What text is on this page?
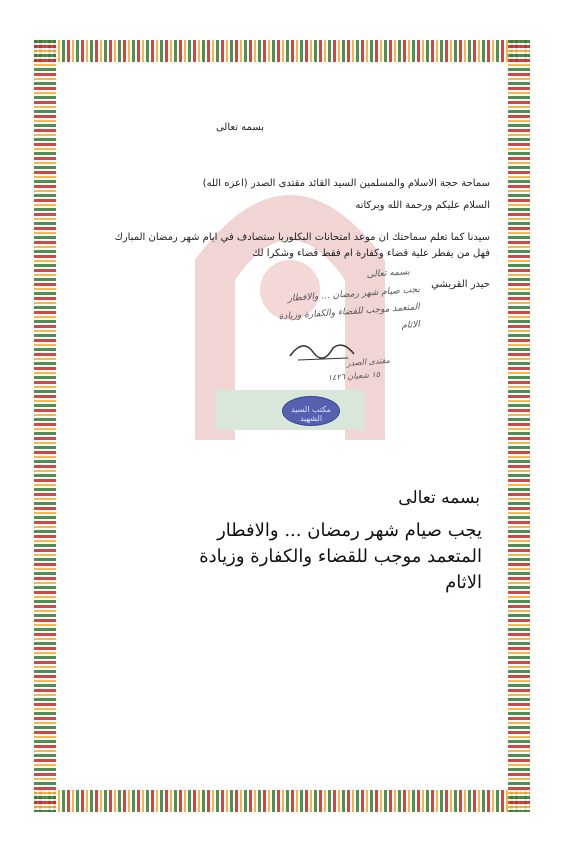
بسمه تعالى
سماحة حجة الاسلام والمسلمين السيد القائد مقتدى الصدر (اعزه الله)
السلام عليكم ورحمة الله وبركاته
سيدنا كما تعلم سماحتك ان موعد امتحانات البكلوريا ستصادف في ايام شهر رمضان المبارك فهل من يفطر علية قضاء وكفارة ام فقط قضاء وشكرا لك
حيدر القريشي
بسمه تعالى
يجب صيام شهر رمضان ... والافطار
المتعمد موجب للقضاء والكفارة وزيادة
الاثام
مقتدى الصدر
١٥ شعبان ١٤٢٦
مكتب السيد الشهيد
بسمه تعالى
يجب صيام شهر رمضان ... والافطار المتعمد موجب للقضاء والكفارة وزيادة الاثام
